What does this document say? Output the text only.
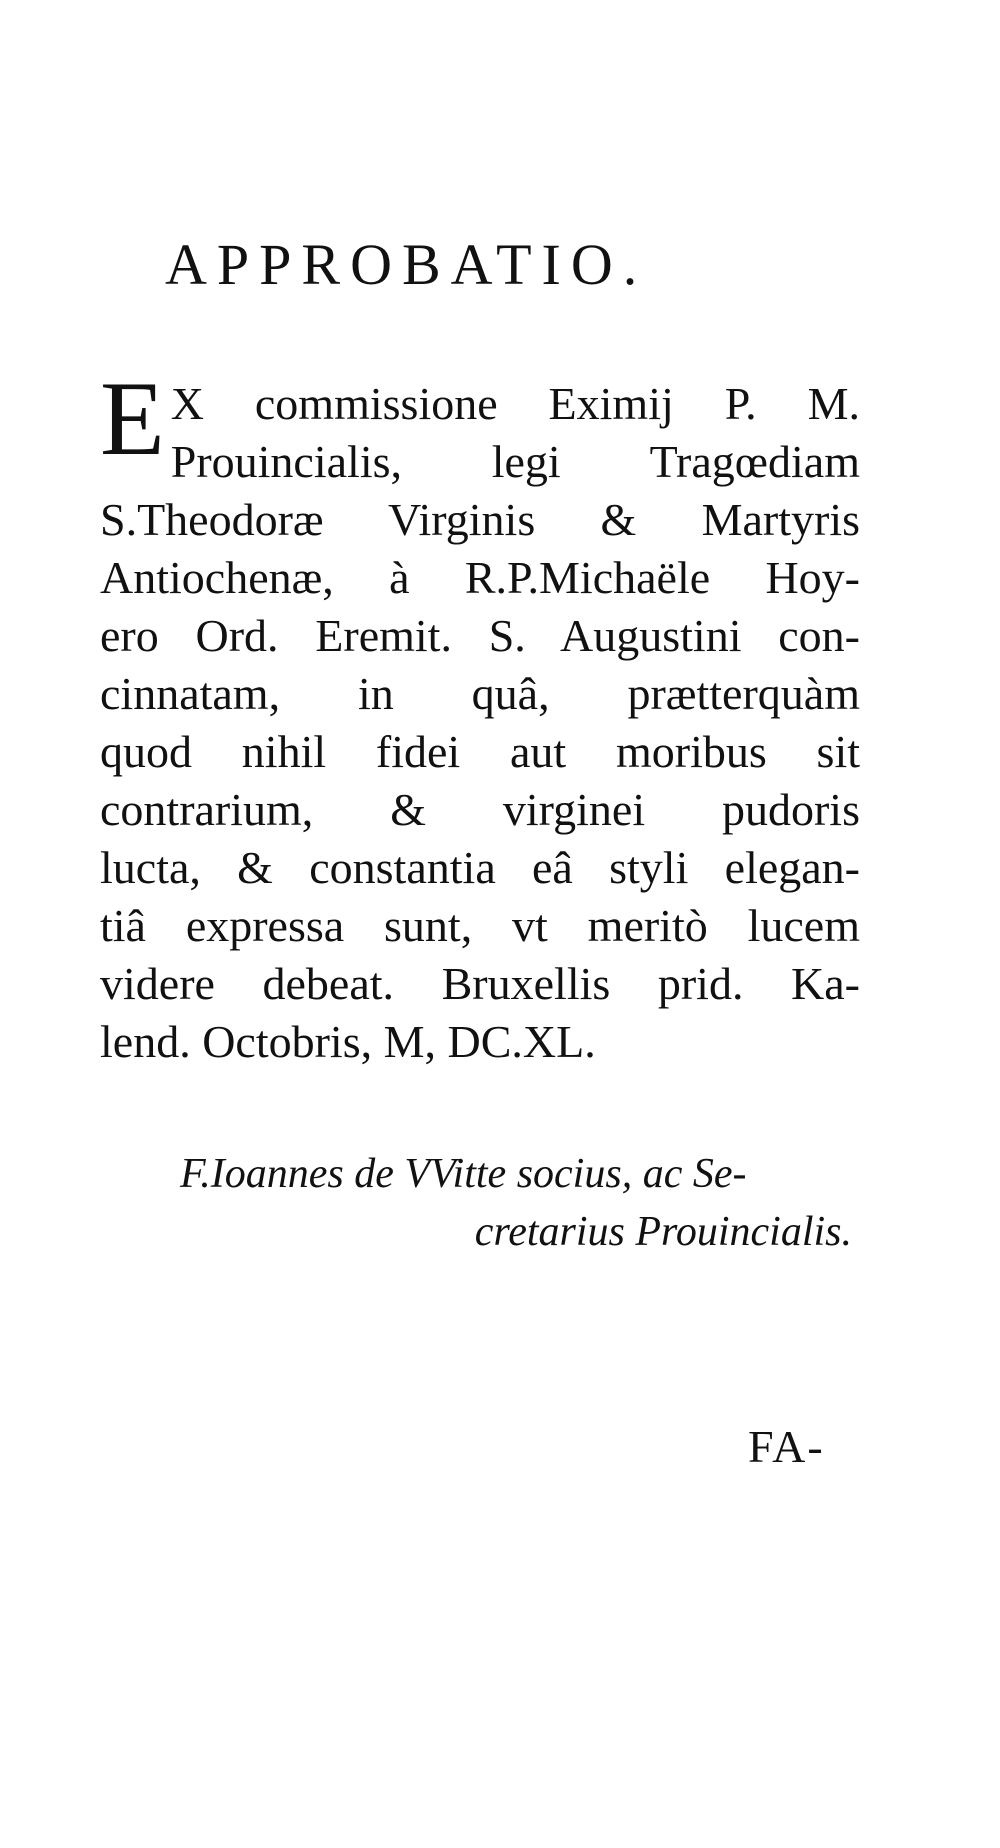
APPROBATIO.
E X commissione Eximij P. M.
Prouincialis, legi Tragœdiam
S.Theodoræ Virginis & Martyris
Antiochenæ, à R.P.Michaële Hoy-
ero Ord. Eremit. S. Augustini con-
cinnatam, in quâ, prætterquàm
quod nihil fidei aut moribus sit
contrarium, & virginei pudoris
lucta, & constantia eâ styli elegan-
tiâ expressa sunt, vt meritò lucem
videre debeat. Bruxellis prid. Ka-
lend. Octobris, M, DC.XL.
F.Ioannes de VVitte socius, ac Se-
cretarius Prouincialis.
FA-
